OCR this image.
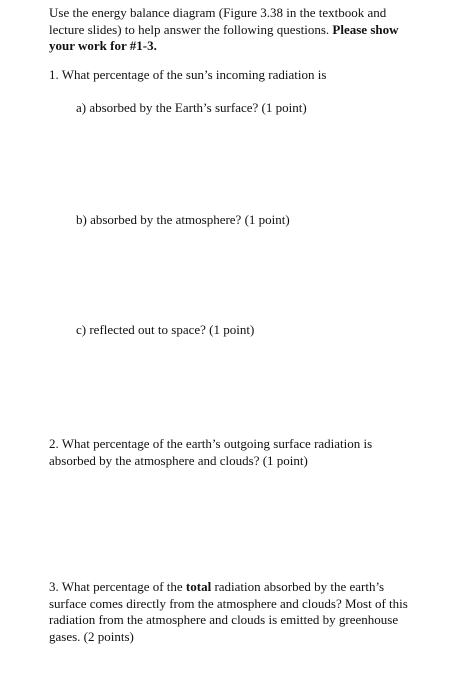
Use the energy balance diagram (Figure 3.38 in the textbook and lecture slides) to help answer the following questions. Please show your work for #1-3.
1. What percentage of the sun’s incoming radiation is
a) absorbed by the Earth’s surface? (1 point)
b) absorbed by the atmosphere? (1 point)
c) reflected out to space? (1 point)
2. What percentage of the earth’s outgoing surface radiation is absorbed by the atmosphere and clouds? (1 point)
3. What percentage of the total radiation absorbed by the earth’s surface comes directly from the atmosphere and clouds? Most of this radiation from the atmosphere and clouds is emitted by greenhouse gases. (2 points)
